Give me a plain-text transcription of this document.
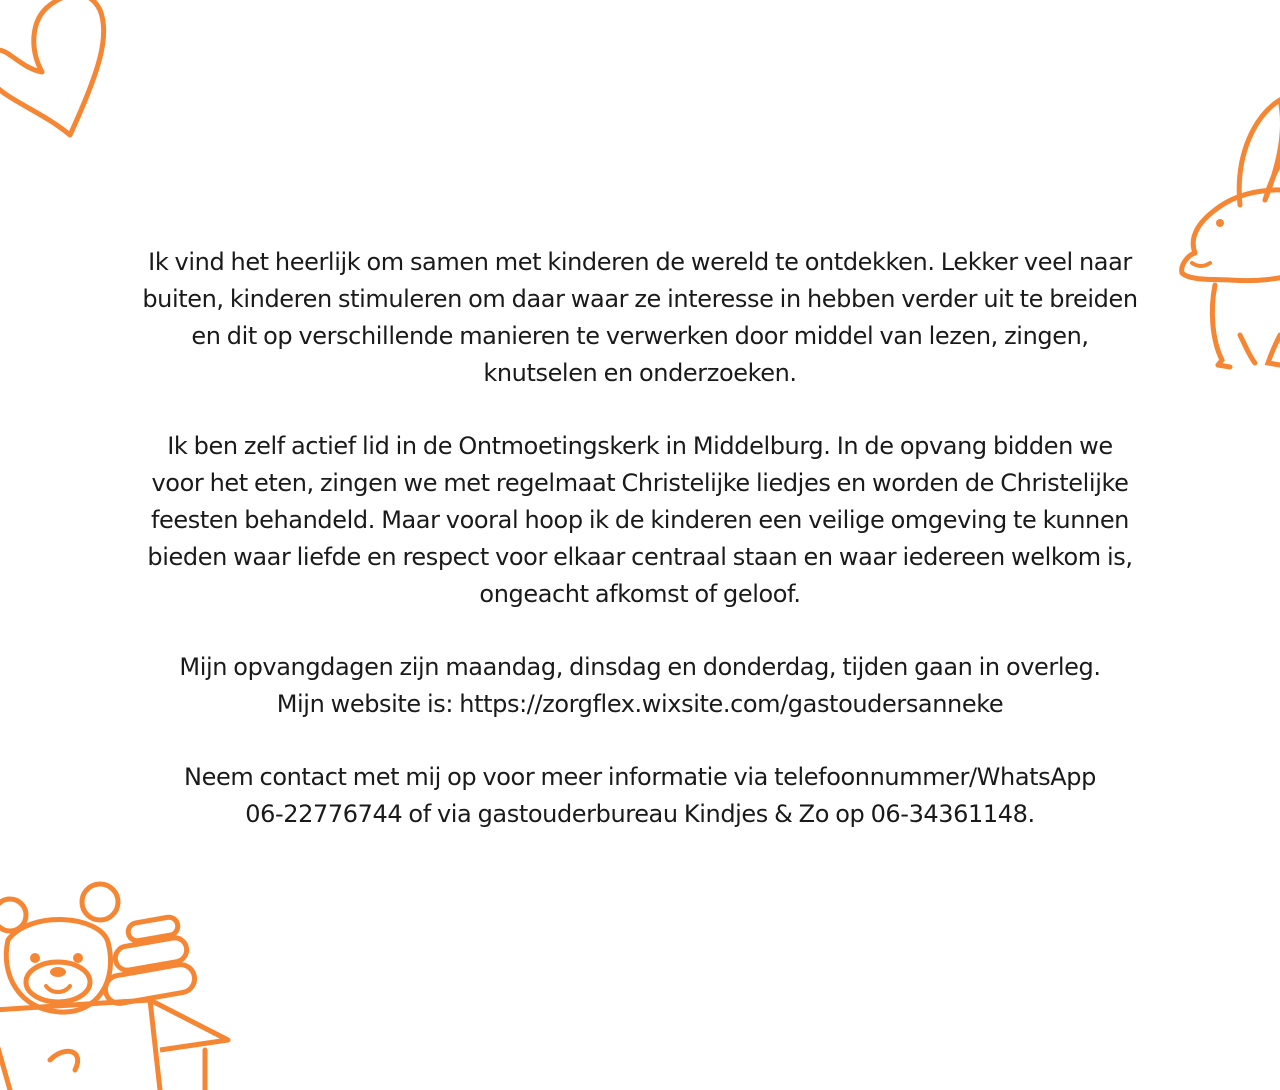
Ik vind het heerlijk om samen met kinderen de wereld te ontdekken. Lekker veel naar
buiten, kinderen stimuleren om daar waar ze interesse in hebben verder uit te breiden
en dit op verschillende manieren te verwerken door middel van lezen, zingen,
knutselen en onderzoeken.

Ik ben zelf actief lid in de Ontmoetingskerk in Middelburg. In de opvang bidden we
voor het eten, zingen we met regelmaat Christelijke liedjes en worden de Christelijke
feesten behandeld. Maar vooral hoop ik de kinderen een veilige omgeving te kunnen
bieden waar liefde en respect voor elkaar centraal staan en waar iedereen welkom is,
ongeacht afkomst of geloof.

Mijn opvangdagen zijn maandag, dinsdag en donderdag, tijden gaan in overleg.
Mijn website is: https://zorgflex.wixsite.com/gastoudersanneke

Neem contact met mij op voor meer informatie via telefoonnummer/WhatsApp
06-22776744 of via gastouderbureau Kindjes & Zo op 06-34361148.
